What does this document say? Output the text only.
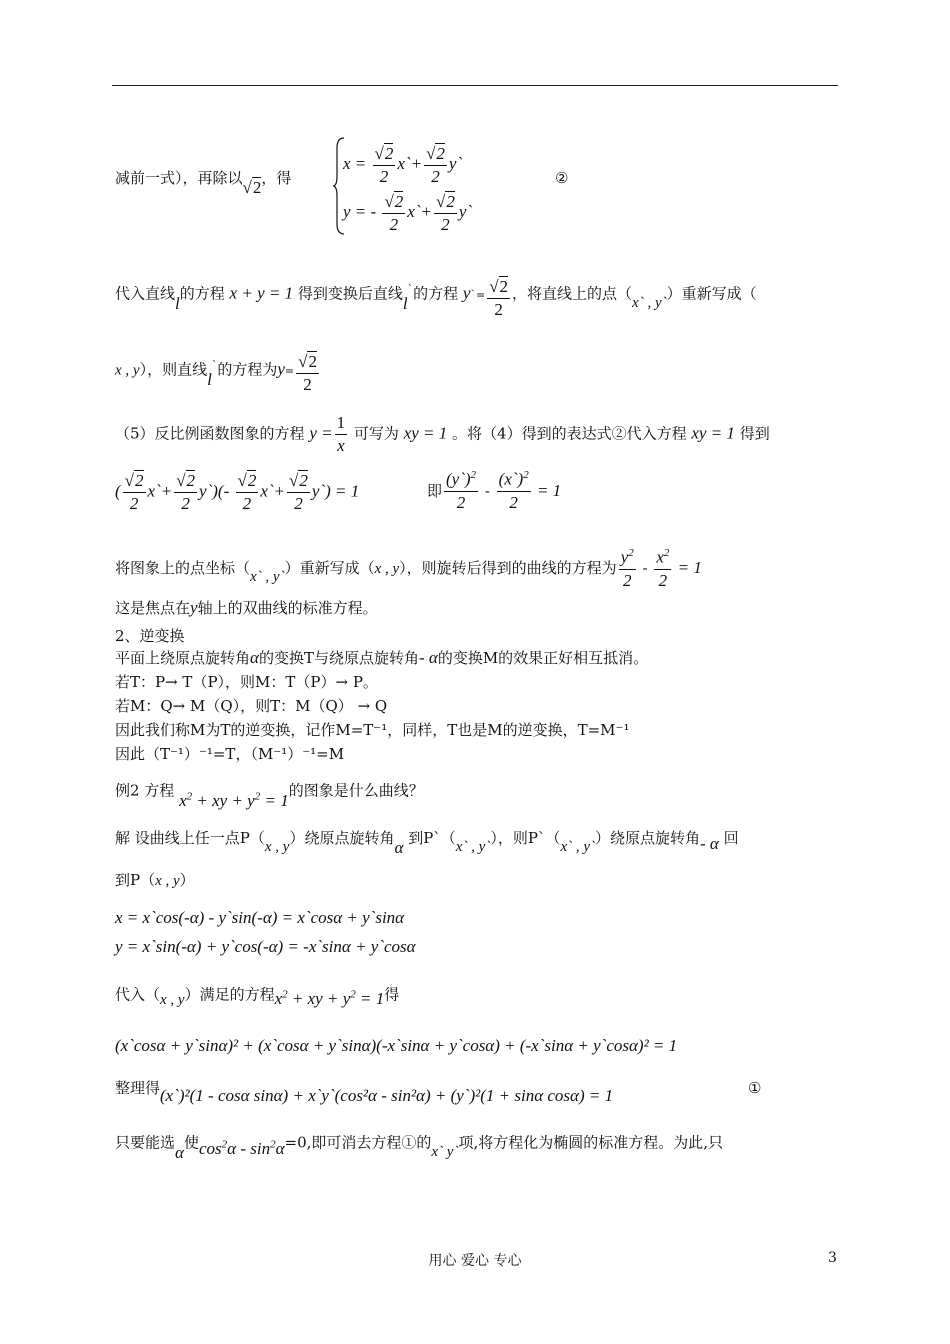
减前一式），再除以√2，得
$x = \frac{√2}{2}$ x`+ $\frac{√2}{2}$ y`
y = - $\frac{√2}{2}$ x`+ $\frac{√2}{2}$ y`
②
代入直线l的方程 x + y = 1 得到变换后直线l`的方程 y`= $\frac{√2}{2}$ ，将直线上的点（x` , y`）重新写成（
x , y），则直线l`的方程为$y= \frac{√2}{2}$
（5）反比例函数图象的方程 $y = \frac{1}{x}$ 可写为 xy = 1 。将（4）得到的表达式②代入方程 xy = 1 得到
( $\frac{√2}{2}$ x`+ $\frac{√2}{2}$ y`)(- $\frac{√2}{2}$ x`+ $\frac{√2}{2}$ y`) = 1	即 $\frac{(y`)^2}{2} - \frac{(x`)^2}{2} = 1$
将图象上的点坐标（x` , y`）重新写成（x , y），则旋转后得到的曲线的方程为 $\frac{y^2}{2} - \frac{x^2}{2} = 1$
这是焦点在y轴上的双曲线的标准方程。
2、逆变换
平面上绕原点旋转角α的变换T与绕原点旋转角- α的变换M的效果正好相互抵消。
若T：P→ T（P），则M：T（P）→ P。
若M：Q→ M（Q），则T：M（Q） → Q
因此我们称M为T的逆变换，记作M=T⁻¹，同样，T也是M的逆变换，T=M⁻¹
因此（T⁻¹）⁻¹=T，（M⁻¹）⁻¹=M
例2 方程 $x^2$ + xy + $y^2 = 1$的图象是什么曲线？
解 设曲线上任一点P（x , y）绕原点旋转角α 到P`（x` , y`），则P`（x` , y`）绕原点旋转角- α 回
到P（x , y）
x = x`cos(-α) - y`sin(-α) = x`cosα + y`sinα
y = x`sin(-α) + y`cos(-α) = -x`sinα + y`cosα
代入（x , y）满足的方程$x^2$ + xy + $y^2 = 1$得
(x`cosα + y`sinα)² + (x`cosα + y`sinα)(-x`sinα + y`cosα) + (-x`sinα + y`cosα)² = 1
整理得(x`)²(1 - cosα sinα) + x`y`(cos²α - sin²α) + (y`)²(1 + sinα cosα) = 1	①
只要能选α使$\cos^2\alpha - \sin^2\alpha=0$,即可消去方程①的x` y`项,将方程化为椭圆的标准方程。为此,只
用心 爱心 专心	3
